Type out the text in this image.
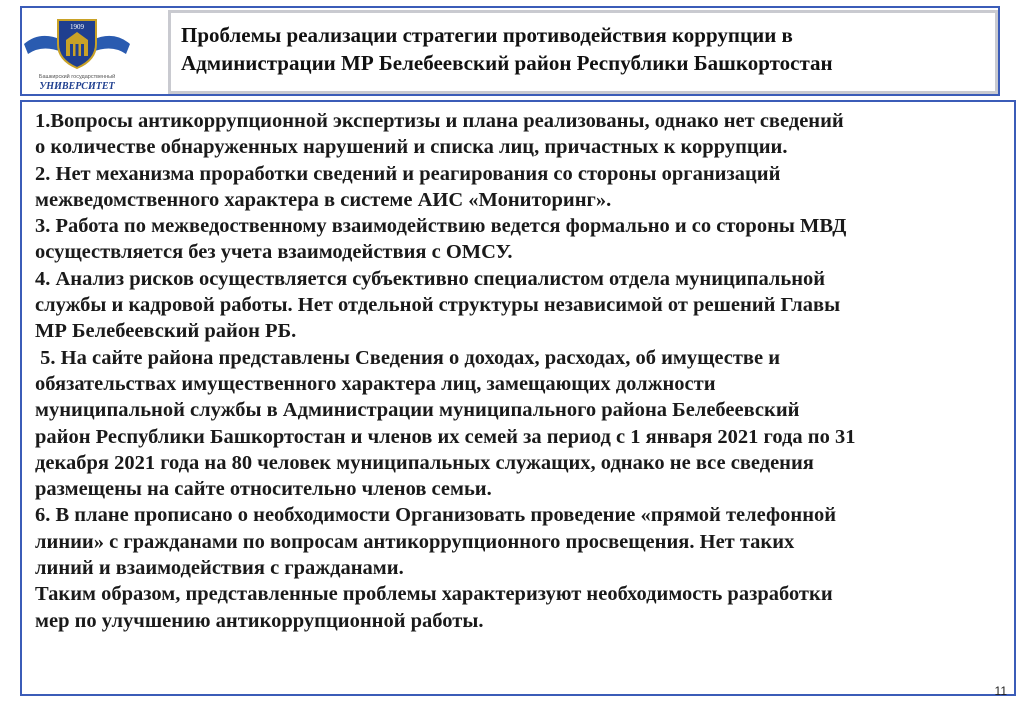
1909
Башкирский государственный
УНИВЕРСИТЕТ
Проблемы реализации стратегии противодействия коррупции в
Администрации МР Белебеевский район Республики Башкортостан
1.Вопросы антикоррупционной экспертизы и плана реализованы, однако нет сведений
о количестве обнаруженных нарушений и списка лиц, причастных к коррупции.
2. Нет механизма проработки сведений и реагирования со стороны организаций
межведомственного характера в системе АИС «Мониторинг».
3. Работа по межведоственному взаимодействию ведется формально и со стороны МВД
осуществляется без учета взаимодействия с ОМСУ.
4. Анализ рисков осуществляется субъективно специалистом отдела муниципальной
службы и кадровой работы. Нет отдельной структуры независимой от решений Главы
МР Белебеевский район РБ.
5. На сайте района представлены Сведения о доходах, расходах, об имуществе и
обязательствах имущественного характера лиц, замещающих должности
муниципальной службы в Администрации муниципального района Белебеевский
район Республики Башкортостан и членов их семей за период с 1 января 2021 года по 31
декабря 2021 года на 80 человек муниципальных служащих, однако не все сведения
размещены на сайте относительно членов семьи.
6. В плане прописано о необходимости Организовать проведение «прямой телефонной
линии» с гражданами по вопросам антикоррупционного просвещения. Нет таких
линий и взаимодействия с гражданами.
Таким образом, представленные проблемы характеризуют необходимость разработки
мер по улучшению антикоррупционной работы.
11
